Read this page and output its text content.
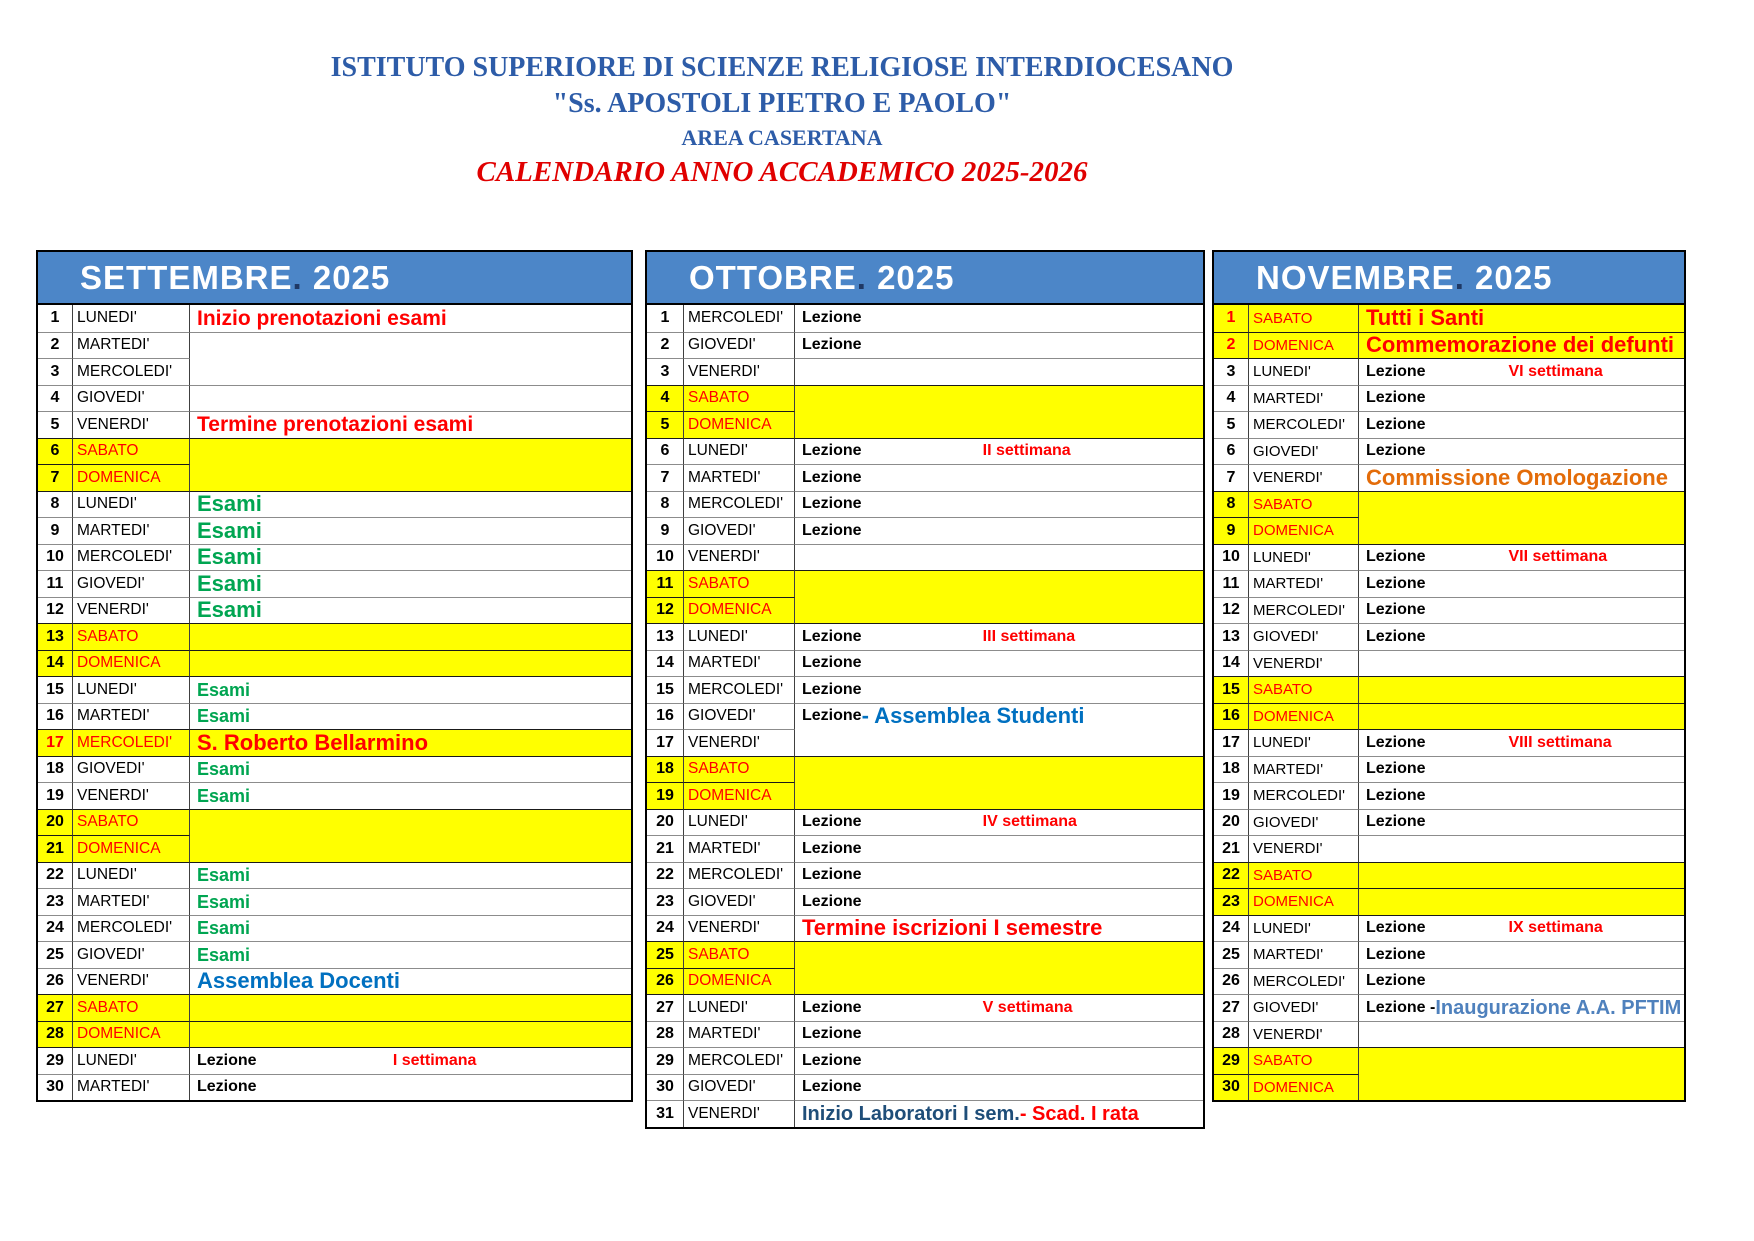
ISTITUTO SUPERIORE DI SCIENZE RELIGIOSE INTERDIOCESANO
"Ss. APOSTOLI PIETRO E PAOLO"
AREA CASERTANA
CALENDARIO ANNO ACCADEMICO 2025-2026
SETTEMBRE. 2025
1	LUNEDI'	Inizio prenotazioni esami
2	MARTEDI'
3	MERCOLEDI'
4	GIOVEDI'
5	VENERDI'	Termine prenotazioni esami
6	SABATO
7	DOMENICA
8	LUNEDI'	Esami
9	MARTEDI'	Esami
10 MERCOLEDI'	Esami
11 GIOVEDI'	Esami
12 VENERDI'	Esami
13 SABATO
14 DOMENICA
15 LUNEDI'	Esami
16 MARTEDI'	Esami
17 MERCOLEDI'	S. Roberto Bellarmino
18 GIOVEDI'	Esami
19 VENERDI'	Esami
20 SABATO
21 DOMENICA
22 LUNEDI'	Esami
23 MARTEDI'	Esami
24 MERCOLEDI'	Esami
25 GIOVEDI'	Esami
26 VENERDI'	Assemblea Docenti
27 SABATO
28 DOMENICA
29 LUNEDI'	Lezione	I settimana
30 MARTEDI'	Lezione
OTTOBRE. 2025
1	MERCOLEDI'	Lezione
2	GIOVEDI'	Lezione
3	VENERDI'
4	SABATO
5	DOMENICA
6	LUNEDI'	Lezione	II settimana
7	MARTEDI'	Lezione
8	MERCOLEDI'	Lezione
9	GIOVEDI'	Lezione
10 VENERDI'
11 SABATO
12 DOMENICA
13 LUNEDI'	Lezione	III settimana
14 MARTEDI'	Lezione
15 MERCOLEDI'	Lezione
16 GIOVEDI'	Lezione - Assemblea Studenti
17 VENERDI'
18 SABATO
19 DOMENICA
20 LUNEDI'	Lezione	IV settimana
21 MARTEDI'	Lezione
22 MERCOLEDI'	Lezione
23 GIOVEDI'	Lezione
24 VENERDI'	Termine iscrizioni I semestre
25 SABATO
26 DOMENICA
27 LUNEDI'	Lezione	V settimana
28 MARTEDI'	Lezione
29 MERCOLEDI'	Lezione
30 GIOVEDI'	Lezione
31 VENERDI'	Inizio Laboratori I sem. - Scad. I rata
NOVEMBRE. 2025
1	SABATO	Tutti i Santi
2	DOMENICA	Commemorazione dei defunti
3	LUNEDI'	Lezione	VI settimana
4	MARTEDI'	Lezione
5	MERCOLEDI'	Lezione
6	GIOVEDI'	Lezione
7	VENERDI'	Commissione Omologazione
8	SABATO
9	DOMENICA
10 LUNEDI'	Lezione	VII settimana
11 MARTEDI'	Lezione
12 MERCOLEDI'	Lezione
13 GIOVEDI'	Lezione
14 VENERDI'
15 SABATO
16 DOMENICA
17 LUNEDI'	Lezione	VIII settimana
18 MARTEDI'	Lezione
19 MERCOLEDI'	Lezione
20 GIOVEDI'	Lezione
21 VENERDI'
22 SABATO
23 DOMENICA
24 LUNEDI'	Lezione	IX settimana
25 MARTEDI'	Lezione
26 MERCOLEDI'	Lezione
27 GIOVEDI'	Lezione - Inaugurazione A.A. PFTIM
28 VENERDI'
29 SABATO
30 DOMENICA
